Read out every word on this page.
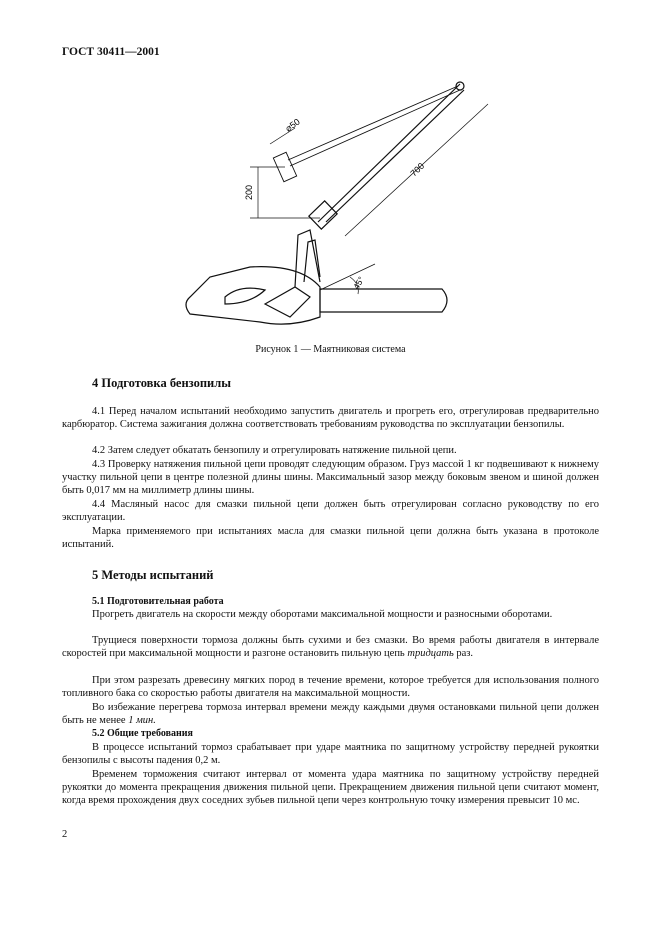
ГОСТ 30411—2001
⌀50
200
700
45°
Рисунок 1 — Маятниковая система
4 Подготовка бензопилы
4.1 Перед началом испытаний необходимо запустить двигатель и прогреть его, отрегулировав предварительно карбюратор. Система зажигания должна соответствовать требованиям руководства по эксплуатации бензопилы.
4.2 Затем следует обкатать бензопилу и отрегулировать натяжение пильной цепи.
4.3 Проверку натяжения пильной цепи проводят следующим образом. Груз массой 1 кг подвешивают к нижнему участку пильной цепи в центре полезной длины шины. Максимальный зазор между боковым звеном и шиной должен быть 0,017 мм на миллиметр длины шины.
4.4 Масляный насос для смазки пильной цепи должен быть отрегулирован согласно руководству по его эксплуатации.
Марка применяемого при испытаниях масла для смазки пильной цепи должна быть указана в протоколе испытаний.
5 Методы испытаний
5.1 Подготовительная работа
Прогреть двигатель на скорости между оборотами максимальной мощности и разносными оборотами.
Трущиеся поверхности тормоза должны быть сухими и без смазки. Во время работы двигателя в интервале скоростей при максимальной мощности и разгоне остановить пильную цепь тридцать раз.
При этом разрезать древесину мягких пород в течение времени, которое требуется для использования полного топливного бака со скоростью работы двигателя на максимальной мощности.
Во избежание перегрева тормоза интервал времени между каждыми двумя остановками пильной цепи должен быть не менее 1 мин.
5.2 Общие требования
В процессе испытаний тормоз срабатывает при ударе маятника по защитному устройству передней рукоятки бензопилы с высоты падения 0,2 м.
Временем торможения считают интервал от момента удара маятника по защитному устройству передней рукоятки до момента прекращения движения пильной цепи. Прекращением движения пильной цепи считают момент, когда время прохождения двух соседних зубьев пильной цепи через контрольную точку измерения превысит 10 мс.
2
